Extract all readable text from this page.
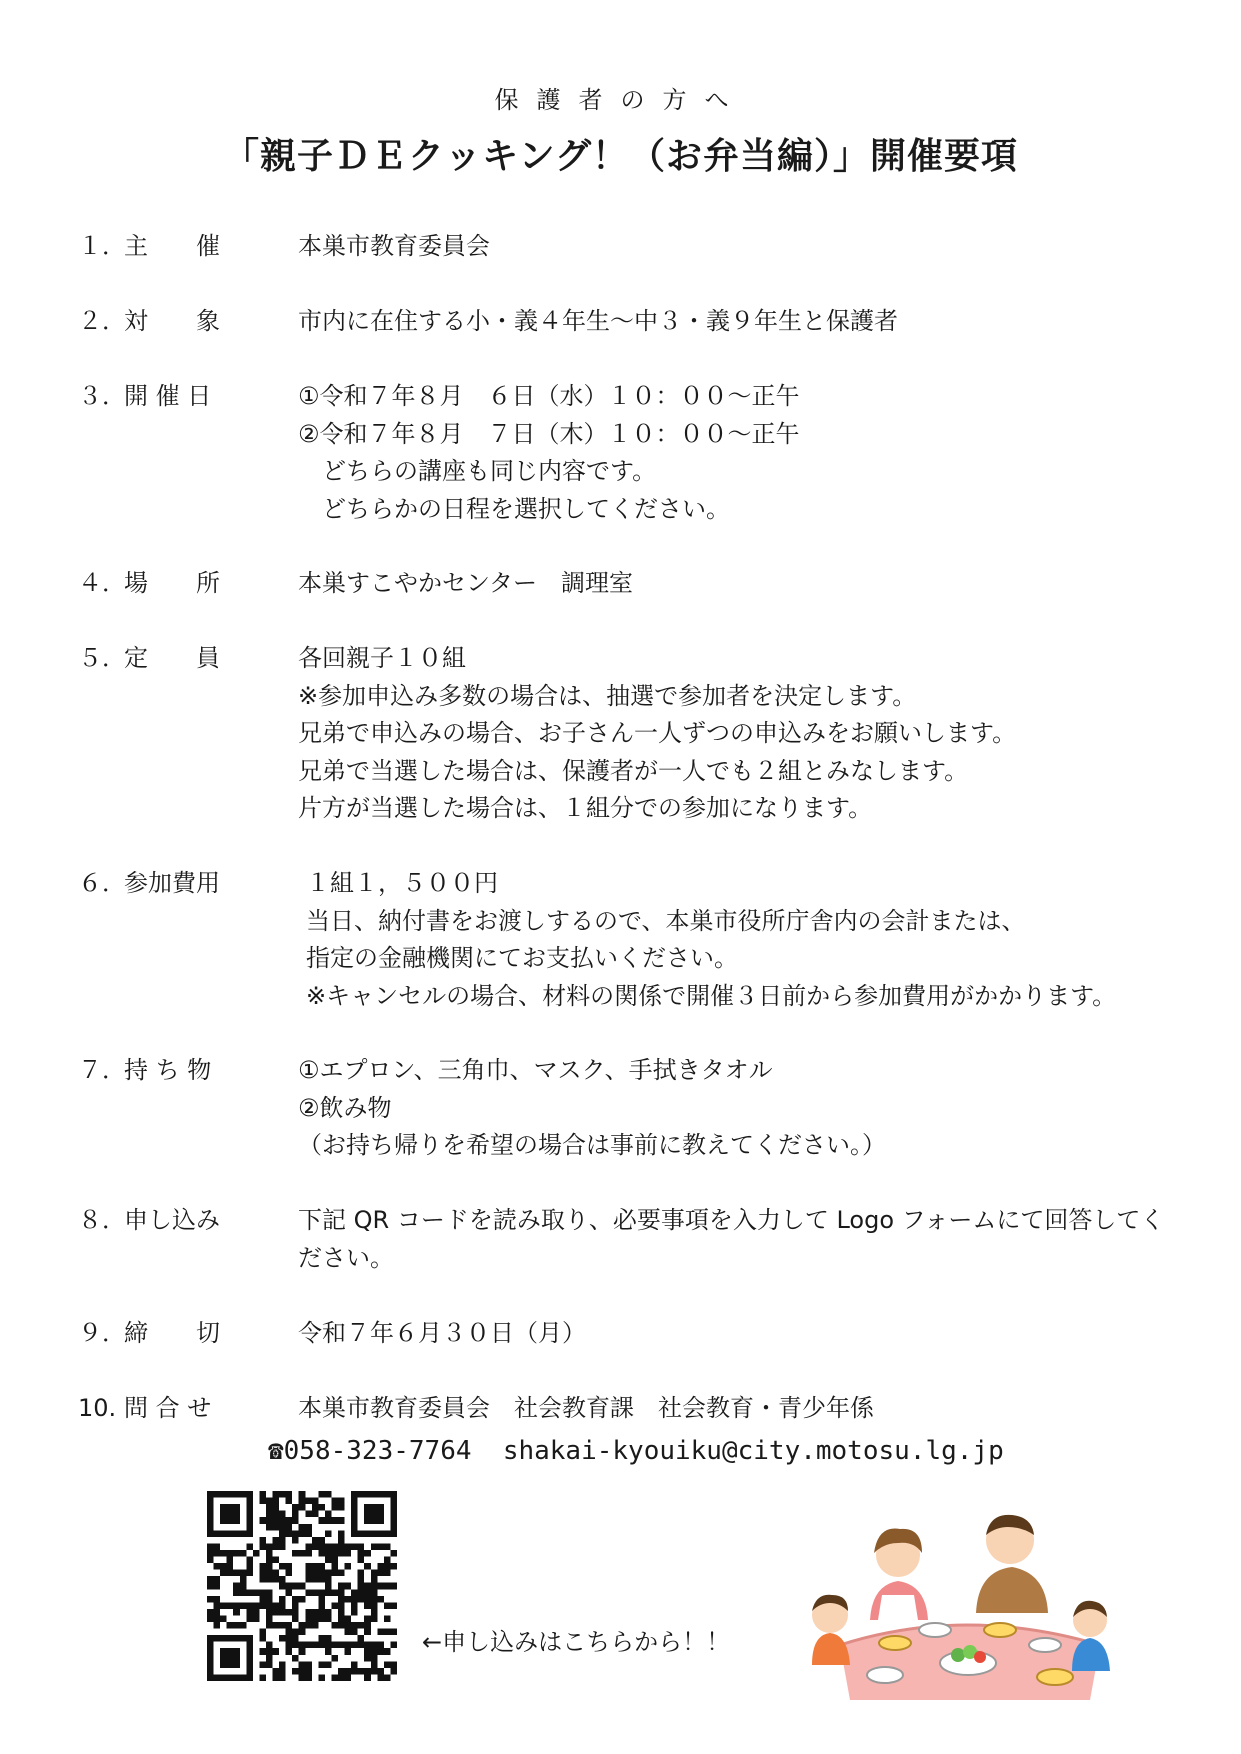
保護者の方へ
「親子ＤＥクッキング！（お弁当編）」開催要項
１．主　　催	本巣市教育委員会
２．対　　象	市内に在住する小・義４年生～中３・義９年生と保護者
３．開 催 日	①令和７年８月　６日（水）１０：００～正午
②令和７年８月　７日（木）１０：００～正午
どちらの講座も同じ内容です。
どちらかの日程を選択してください。
４．場　　所	本巣すこやかセンター　調理室
５．定　　員	各回親子１０組
※参加申込み多数の場合は、抽選で参加者を決定します。
兄弟で申込みの場合、お子さん一人ずつの申込みをお願いします。
兄弟で当選した場合は、保護者が一人でも２組とみなします。
片方が当選した場合は、１組分での参加になります。
６．参加費用	１組１，５００円
当日、納付書をお渡しするので、本巣市役所庁舎内の会計または、
指定の金融機関にてお支払いください。
※キャンセルの場合、材料の関係で開催３日前から参加費用がかかります。
７．持 ち 物	①エプロン、三角巾、マスク、手拭きタオル
②飲み物
（お持ち帰りを希望の場合は事前に教えてください。）
８．申し込み	下記 QR コードを読み取り、必要事項を入力して Logo フォームにて回答してください。
９．締　　切	令和７年６月３０日（月）
10. 問 合 せ	本巣市教育委員会　社会教育課　社会教育・青少年係
☎058-323-7764 shakai-kyouiku@city.motosu.lg.jp
←申し込みはこちらから！！
